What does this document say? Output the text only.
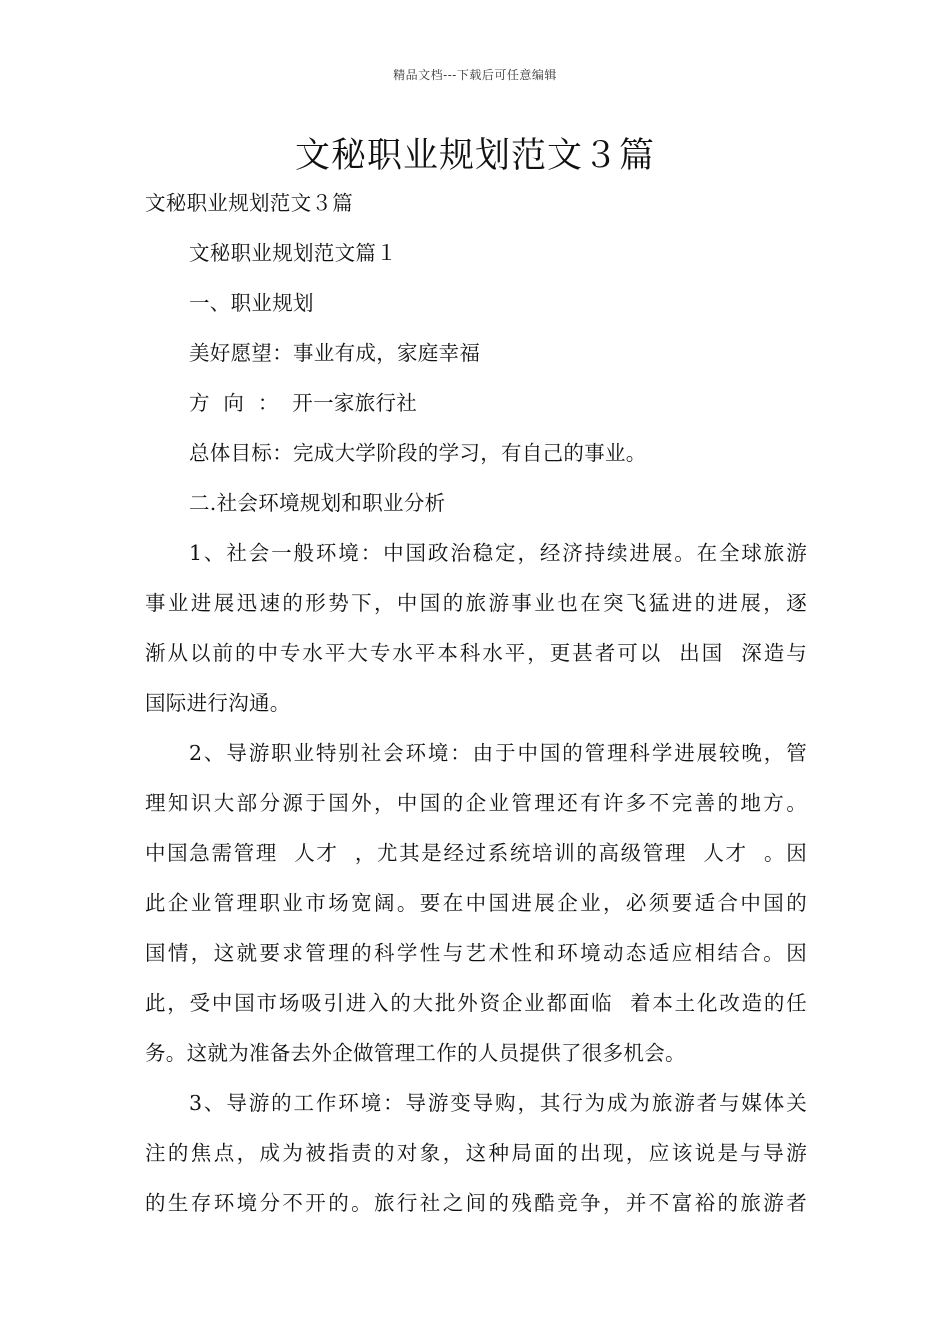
精品文档---下载后可任意编辑
文秘职业规划范文３篇
文秘职业规划范文３篇
文秘职业规划范文篇１
一、职业规划
美好愿望：事业有成，家庭幸福
方  向  ：  开一家旅行社
总体目标：完成大学阶段的学习，有自己的事业。
二.社会环境规划和职业分析
1、社会一般环境：中国政治稳定，经济持续进展。在全球旅游
事业进展迅速的形势下，中国的旅游事业也在突飞猛进的进展，逐
渐从以前的中专水平大专水平本科水平，更甚者可以  出国  深造与
国际进行沟通。
2、导游职业特别社会环境：由于中国的管理科学进展较晚，管
理知识大部分源于国外，中国的企业管理还有许多不完善的地方。
中国急需管理  人才  ，尤其是经过系统培训的高级管理  人才  。因
此企业管理职业市场宽阔。要在中国进展企业，必须要适合中国的
国情，这就要求管理的科学性与艺术性和环境动态适应相结合。因
此，受中国市场吸引进入的大批外资企业都面临  着本土化改造的任
务。这就为准备去外企做管理工作的人员提供了很多机会。
3、导游的工作环境：导游变导购，其行为成为旅游者与媒体关
注的焦点，成为被指责的对象，这种局面的出现，应该说是与导游
的生存环境分不开的。旅行社之间的残酷竞争，并不富裕的旅游者
